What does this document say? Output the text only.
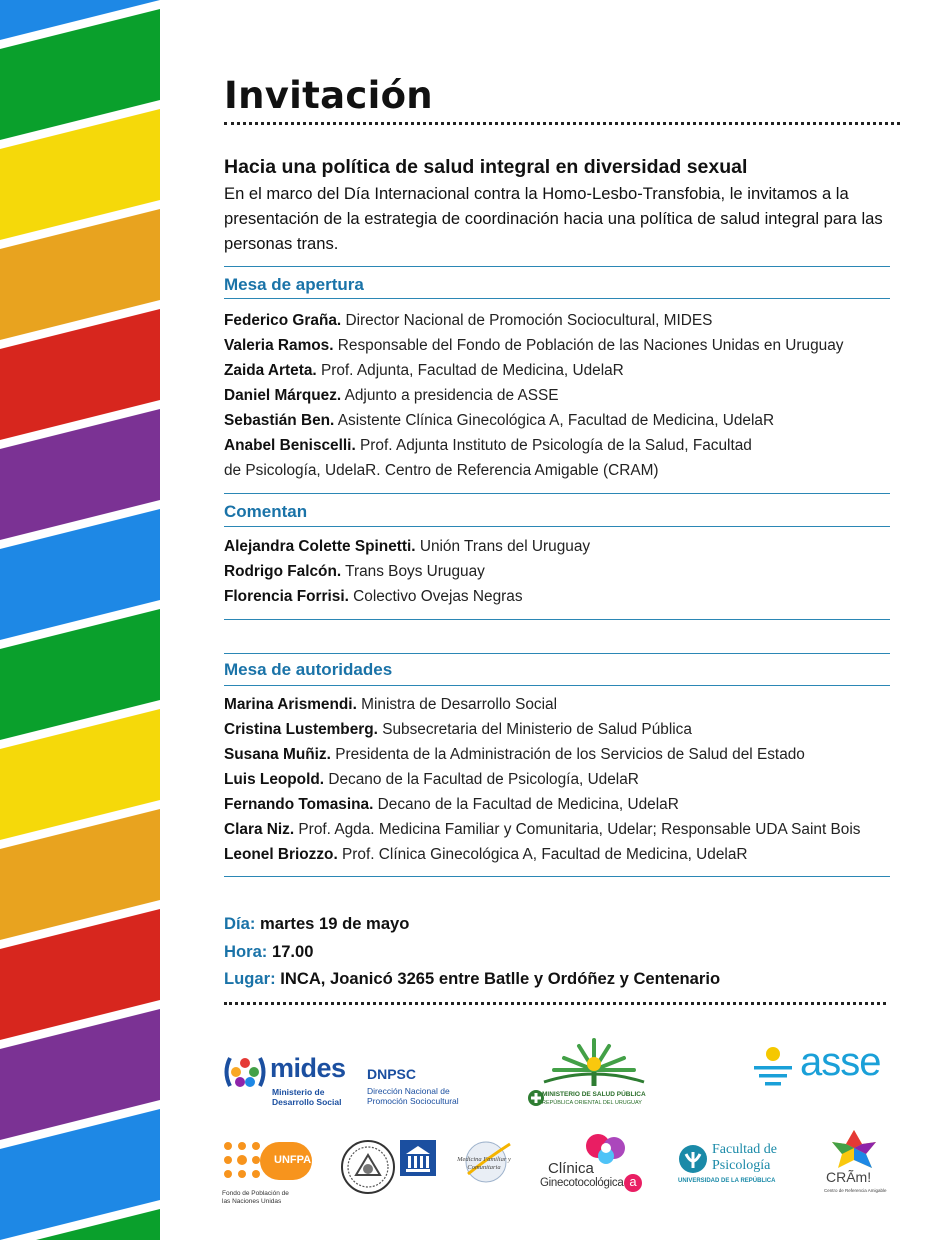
Invitación
Hacia una política de salud integral en diversidad sexual
En el marco del Día Internacional contra la Homo-Lesbo-Transfobia, le invitamos a la presentación de la estrategia de coordinación hacia una política de salud integral para las personas trans.
Mesa de apertura
Federico Graña. Director Nacional de Promoción Sociocultural, MIDES
Valeria Ramos. Responsable del Fondo de Población de las Naciones Unidas en Uruguay
Zaida Arteta. Prof. Adjunta, Facultad de Medicina, UdelaR
Daniel Márquez. Adjunto a presidencia de ASSE
Sebastián Ben. Asistente Clínica Ginecológica A, Facultad de Medicina, UdelaR
Anabel Beniscelli. Prof. Adjunta Instituto de Psicología de la Salud, Facultad de Psicología, UdelaR. Centro de Referencia Amigable (CRAM)
Comentan
Alejandra Colette Spinetti. Unión Trans del Uruguay
Rodrigo Falcón. Trans Boys Uruguay
Florencia Forrisi. Colectivo Ovejas Negras
Mesa de autoridades
Marina Arismendi. Ministra de Desarrollo Social
Cristina Lustemberg. Subsecretaria del Ministerio de Salud Pública
Susana Muñiz. Presidenta de la Administración de los Servicios de Salud del Estado
Luis Leopold. Decano de la Facultad de Psicología, UdelaR
Fernando Tomasina. Decano de la Facultad de Medicina, UdelaR
Clara Niz. Prof. Agda. Medicina Familiar y Comunitaria, Udelar; Responsable UDA Saint Bois
Leonel Briozzo. Prof. Clínica Ginecológica A, Facultad de Medicina, UdelaR
Día: martes 19 de mayo
Hora: 17.00
Lugar: INCA, Joanicó 3265 entre Batlle y Ordóñez y Centenario
mides
Ministerio de Desarrollo Social
DNPSC
Dirección Nacional de Promoción Sociocultural
MINISTERIO DE SALUD PÚBLICA
REPÚBLICA ORIENTAL DEL URUGUAY
asse
UNFPA
Fondo de Población de las Naciones Unidas
Medicina Familiar y Comunitaria	Clínica
Ginecotocológica a
Facultad de
Psicología
UNIVERSIDAD DE LA REPÚBLICA	CRÃm!
Centro de Referencia Amigable
